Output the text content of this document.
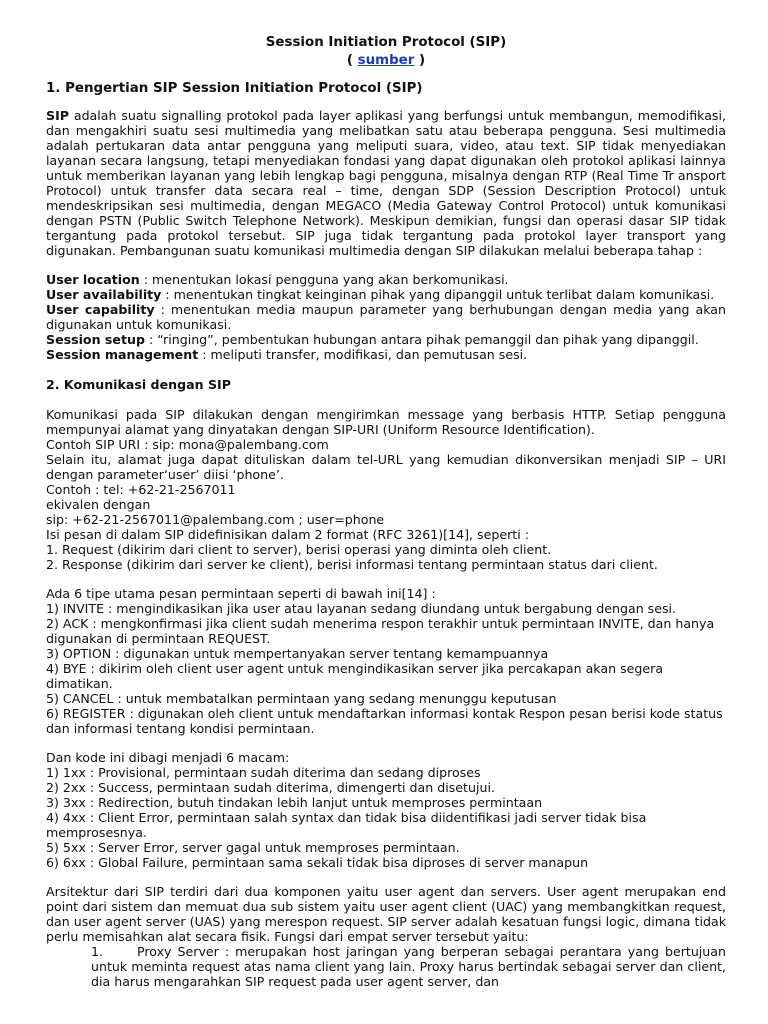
Session Initiation Protocol (SIP)
( sumber )
1. Pengertian SIP Session Initiation Protocol (SIP)

SIP adalah suatu signalling protokol pada layer aplikasi yang berfungsi untuk membangun, memodifikasi, dan mengakhiri suatu sesi multimedia yang melibatkan satu atau beberapa pengguna. Sesi multimedia adalah pertukaran data antar pengguna yang meliputi suara, video, atau text. SIP tidak menyediakan layanan secara langsung, tetapi menyediakan fondasi yang dapat digunakan oleh protokol aplikasi lainnya untuk memberikan layanan yang lebih lengkap bagi pengguna, misalnya dengan RTP (Real Time Tr ansport Protocol) untuk transfer data secara real – time, dengan SDP (Session Description Protocol) untuk mendeskripsikan sesi multimedia, dengan MEGACO (Media Gateway Control Protocol) untuk komunikasi dengan PSTN (Public Switch Telephone Network). Meskipun demikian, fungsi dan operasi dasar SIP tidak tergantung pada protokol tersebut. SIP juga tidak tergantung pada protokol layer transport yang digunakan. Pembangunan suatu komunikasi multimedia dengan SIP dilakukan melalui beberapa tahap :

User location : menentukan lokasi pengguna yang akan berkomunikasi.

User availability : menentukan tingkat keinginan pihak yang dipanggil untuk terlibat dalam komunikasi.

User capability : menentukan media maupun parameter yang berhubungan dengan media yang akan digunakan untuk komunikasi.

Session setup : “ringing”, pembentukan hubungan antara pihak pemanggil dan pihak yang dipanggil.

Session management : meliputi transfer, modifikasi, dan pemutusan sesi.

2. Komunikasi dengan SIP

Komunikasi pada SIP dilakukan dengan mengirimkan message yang berbasis HTTP. Setiap pengguna mempunyai alamat yang dinyatakan dengan SIP-URI (Uniform Resource Identification).

Contoh SIP URI : sip: mona@palembang.com

Selain itu, alamat juga dapat dituliskan dalam tel-URL yang kemudian dikonversikan menjadi SIP – URI dengan parameter‘user’ diisi ‘phone’.

Contoh : tel: +62-21-2567011

ekivalen dengan

sip: +62-21-2567011@palembang.com ; user=phone

Isi pesan di dalam SIP didefinisikan dalam 2 format (RFC 3261)[14], seperti :

1. Request (dikirim dari client to server), berisi operasi yang diminta oleh client.

2. Response (dikirim dari server ke client), berisi informasi tentang permintaan status dari client.

Ada 6 tipe utama pesan permintaan seperti di bawah ini[14] :

1) INVITE : mengindikasikan jika user atau layanan sedang diundang untuk bergabung dengan sesi.

2) ACK : mengkonfirmasi jika client sudah menerima respon terakhir untuk permintaan INVITE, dan hanya digunakan di permintaan REQUEST.

3) OPTION : digunakan untuk mempertanyakan server tentang kemampuannya

4) BYE : dikirim oleh client user agent untuk mengindikasikan server jika percakapan akan segera dimatikan.

5) CANCEL : untuk membatalkan permintaan yang sedang menunggu keputusan

6) REGISTER : digunakan oleh client untuk mendaftarkan informasi kontak Respon pesan berisi kode status dan informasi tentang kondisi permintaan.

Dan kode ini dibagi menjadi 6 macam:

1) 1xx : Provisional, permintaan sudah diterima dan sedang diproses

2) 2xx : Success, permintaan sudah diterima, dimengerti dan disetujui.

3) 3xx : Redirection, butuh tindakan lebih lanjut untuk memproses permintaan

4) 4xx : Client Error, permintaan salah syntax dan tidak bisa diidentifikasi jadi server tidak bisa memprosesnya.

5) 5xx : Server Error, server gagal untuk memproses permintaan.

6) 6xx : Global Failure, permintaan sama sekali tidak bisa diproses di server manapun

Arsitektur dari SIP terdiri dari dua komponen yaitu user agent dan servers. User agent merupakan end point dari sistem dan memuat dua sub sistem yaitu user agent client (UAC) yang membangkitkan request, dan user agent server (UAS) yang merespon request. SIP server adalah kesatuan fungsi logic, dimana tidak perlu memisahkan alat secara fisik. Fungsi dari empat server tersebut yaitu:

1.	Proxy Server : merupakan host jaringan yang berperan sebagai perantara yang bertujuan untuk meminta request atas nama client yang lain. Proxy harus bertindak sebagai server dan client, dia harus mengarahkan SIP request pada user agent server, dan
